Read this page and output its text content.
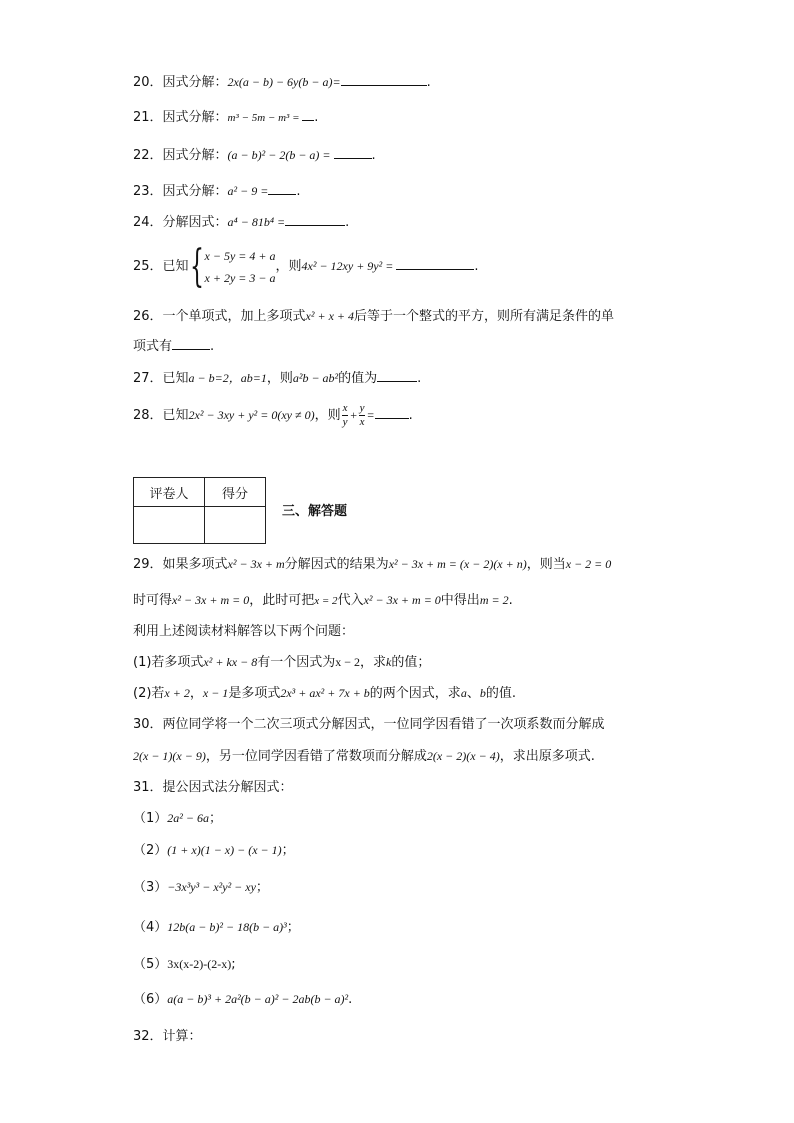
20．因式分解：2x(a − b) − 6y(b − a)=	.
21．因式分解：m³ − 5m − m³ = .
22．因式分解：(a − b)² − 2(b − a) =	.
23．因式分解：a² − 9 = .
24．分解因式：a⁴ − 81b⁴ =	.
25．已知{ x − 5y = 4 + a
x + 2y = 3 − a
，则4x² − 12xy + 9y² =	.
26．一个单项式，加上多项式x² + x + 4后等于一个整式的平方，则所有满足条件的单
项式有	.
27．已知a − b=2，ab=1，则a²b − ab²的值为	.
28．已知2x² − 3xy + y² = 0(xy ≠ 0)，则 $\frac{x}{y} + \frac{y}{x}$ =	.
评卷人	得分

三、解答题
29．如果多项式x² − 3x + m分解因式的结果为x² − 3x + m = (x − 2)(x + n)，则当x − 2 = 0
时可得x² − 3x + m = 0，此时可把x = 2代入x² − 3x + m = 0中得出m = 2.
利用上述阅读材料解答以下两个问题：
(1)若多项式x² + kx − 8有一个因式为x − 2，求k的值；
(2)若x + 2，x − 1是多项式2x³ + ax² + 7x + b的两个因式，求a、b的值.
30．两位同学将一个二次三项式分解因式，一位同学因看错了一次项系数而分解成
2(x − 1)(x − 9)，另一位同学因看错了常数项而分解成2(x − 2)(x − 4)，求出原多项式.
31．提公因式法分解因式：
（1）2a² − 6a；
（2）(1 + x)(1 − x) − (x − 1)；
（3）−3x³y³ − x²y² − xy；
（4）12b(a − b)² − 18(b − a)³；
（5）3x(x-2)-(2-x);
（6）a(a − b)³ + 2a²(b − a)² − 2ab(b − a)².
32．计算：
